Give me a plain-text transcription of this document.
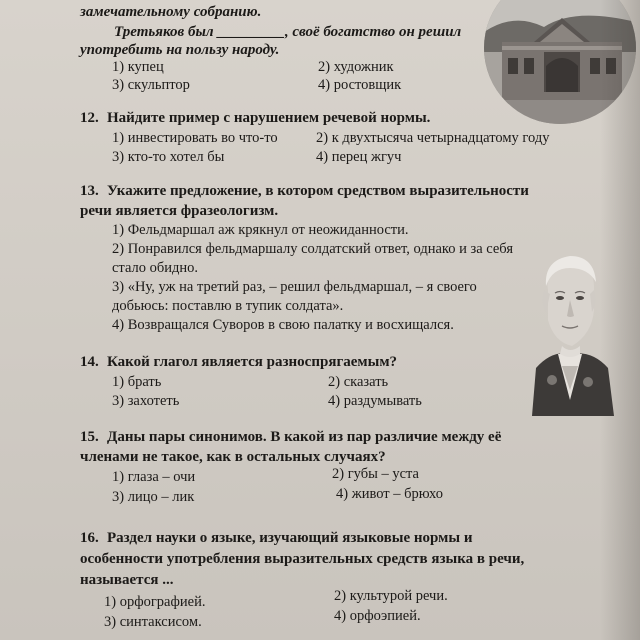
замечательному собранию.
Третьяков был _________, своё богатство он решил
употребить на пользу народу.
1) купец	2) художник
3) скульптор	4) ростовщик
12. Найдите пример с нарушением речевой нормы.
1) инвестировать во что-то	2) к двухтысяча четырнадцатому году
3) кто-то хотел бы	4) перец жгуч
13. Укажите предложение, в котором средством выразительности
речи является фразеологизм.
1) Фельдмаршал аж крякнул от неожиданности.
2) Понравился фельдмаршалу солдатский ответ, однако и за себя
стало обидно.
3) «Ну, уж на третий раз, – решил фельдмаршал, – я своего
добьюсь: поставлю в тупик солдата».
4) Возвращался Суворов в свою палатку и восхищался.
14. Какой глагол является разноспрягаемым?
1) брать	2) сказать
3) захотеть	4) раздумывать
15. Даны пары синонимов. В какой из пар различие между её
членами не такое, как в остальных случаях?
1) глаза – очи	2) губы – уста
3) лицо – лик	4) живот – брюхо
16. Раздел науки о языке, изучающий языковые нормы и
особенности употребления выразительных средств языка в речи,
называется ...
1) орфографией.	2) культурой речи.
3) синтаксисом.	4) орфоэпией.
